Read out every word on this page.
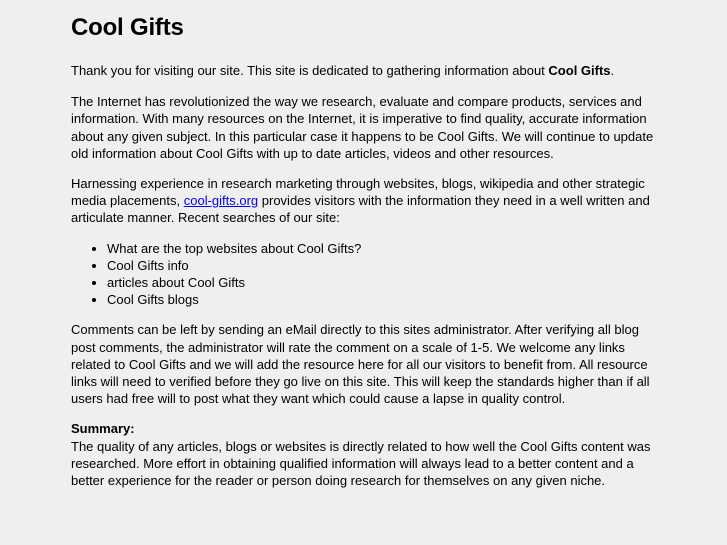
Cool Gifts

Thank you for visiting our site. This site is dedicated to gathering information about Cool Gifts.

The Internet has revolutionized the way we research, evaluate and compare products, services and information. With many resources on the Internet, it is imperative to find quality, accurate information about any given subject. In this particular case it happens to be Cool Gifts. We will continue to update old information about Cool Gifts with up to date articles, videos and other resources.

Harnessing experience in research marketing through websites, blogs, wikipedia and other strategic media placements, cool-gifts.org provides visitors with the information they need in a well written and articulate manner. Recent searches of our site:

• What are the top websites about Cool Gifts?
• Cool Gifts info
• articles about Cool Gifts
• Cool Gifts blogs

Comments can be left by sending an eMail directly to this sites administrator. After verifying all blog post comments, the administrator will rate the comment on a scale of 1-5. We welcome any links related to Cool Gifts and we will add the resource here for all our visitors to benefit from. All resource links will need to verified before they go live on this site. This will keep the standards higher than if all users had free will to post what they want which could cause a lapse in quality control.

Summary:

The quality of any articles, blogs or websites is directly related to how well the Cool Gifts content was researched. More effort in obtaining qualified information will always lead to a better content and a better experience for the reader or person doing research for themselves on any given niche.
